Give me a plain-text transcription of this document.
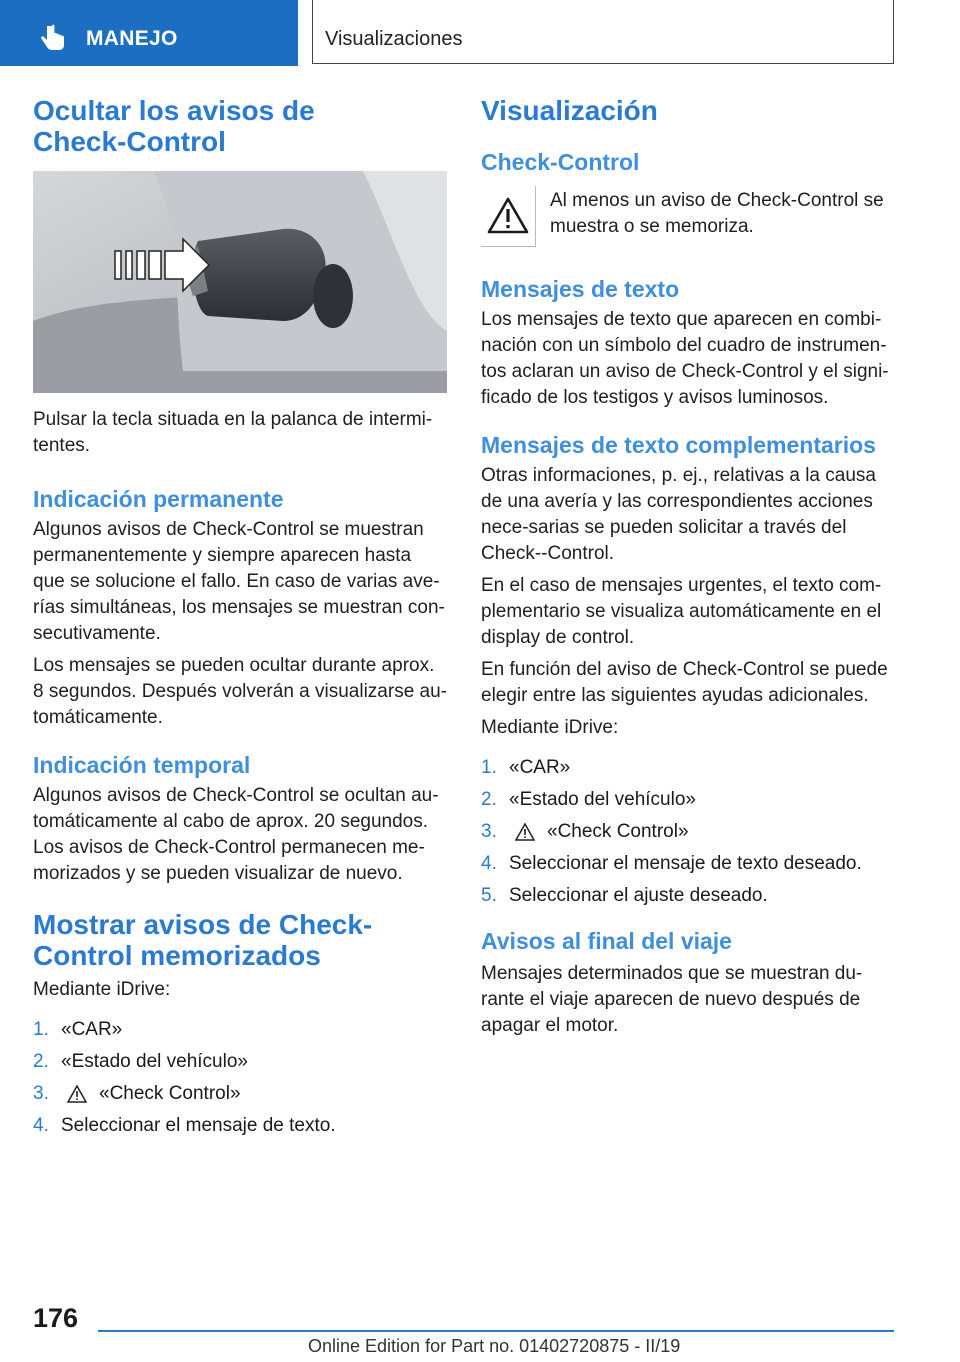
MANEJO	Visualizaciones
Ocultar los avisos de Check-Control

Pulsar la tecla situada en la palanca de intermi‐tentes.

Indicación permanente

Algunos avisos de Check-Control se muestran permanentemente y siempre aparecen hasta que se solucione el fallo. En caso de varias ave‐rías simultáneas, los mensajes se muestran con‐secutivamente.

Los mensajes se pueden ocultar durante aprox. 8 segundos. Después volverán a visualizarse au‐tomáticamente.

Indicación temporal

Algunos avisos de Check-Control se ocultan au‐tomáticamente al cabo de aprox. 20 segundos. Los avisos de Check-Control permanecen me‐morizados y se pueden visualizar de nuevo.

Mostrar avisos de Check-Control memorizados

Mediante iDrive:

1. «CAR»
2. «Estado del vehículo»
3.	«Check Control»
4. Seleccionar el mensaje de texto.
Visualización
Check-Control

Al menos un aviso de Check-Control se muestra o se memoriza.

Mensajes de texto

Los mensajes de texto que aparecen en combi‐nación con un símbolo del cuadro de instrumen‐tos aclaran un aviso de Check-Control y el signi‐ficado de los testigos y avisos luminosos.

Mensajes de texto complementarios

Otras informaciones, p. ej., relativas a la causa de una avería y las correspondientes acciones nece‐sarias se pueden solicitar a través del Check‐-Control.

En el caso de mensajes urgentes, el texto com‐plementario se visualiza automáticamente en el display de control.

En función del aviso de Check-Control se puede elegir entre las siguientes ayudas adicionales.

Mediante iDrive:

1. «CAR»
2. «Estado del vehículo»
3.	«Check Control»
4. Seleccionar el mensaje de texto deseado.
5. Seleccionar el ajuste deseado.
Avisos al final del viaje

Mensajes determinados que se muestran du‐rante el viaje aparecen de nuevo después de apagar el motor.

176
Online Edition for Part no. 01402720875 - II/19
